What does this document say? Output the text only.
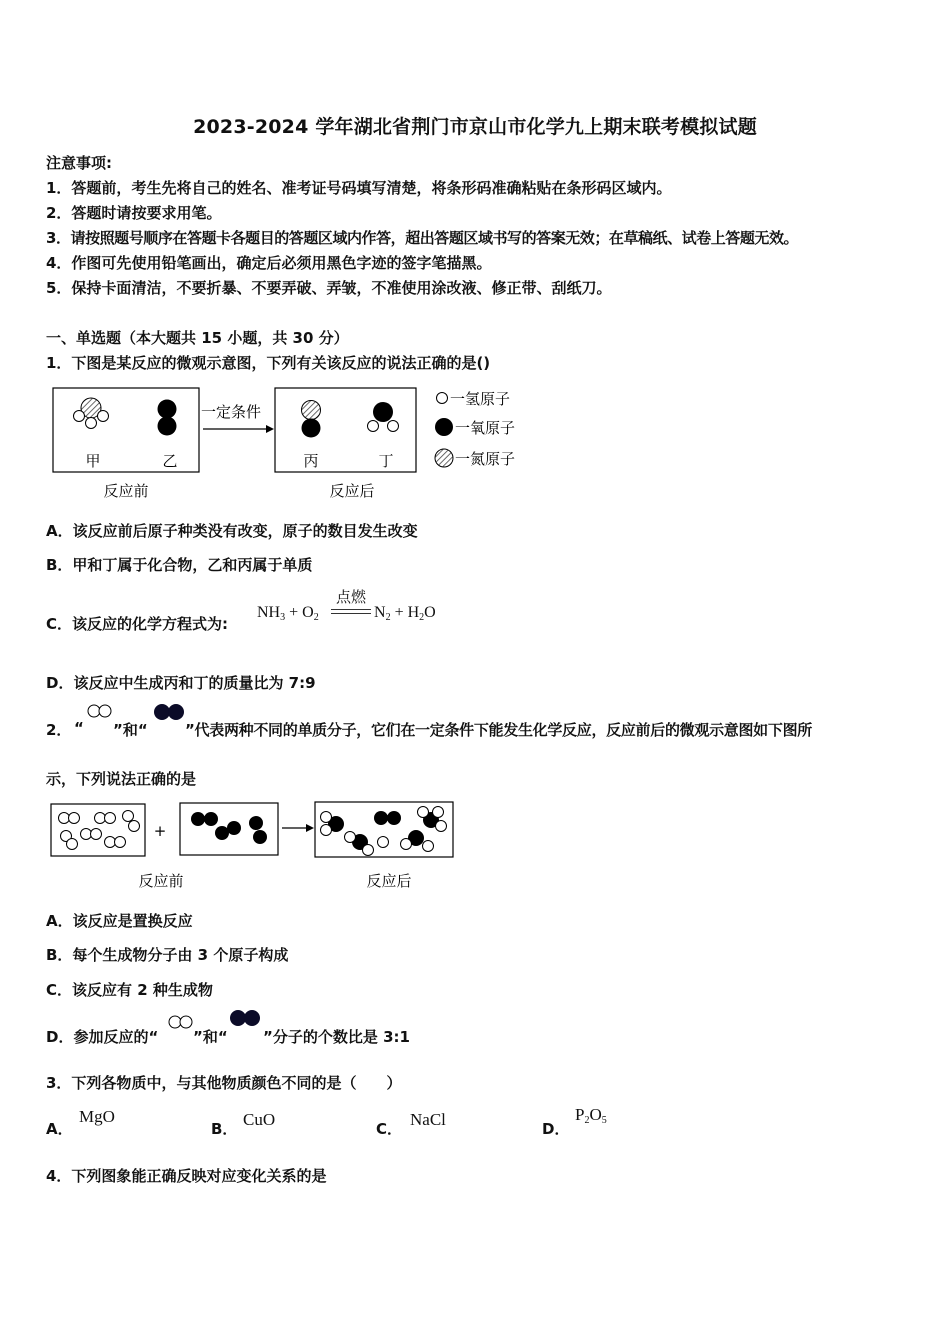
2023-2024 学年湖北省荆门市京山市化学九上期末联考模拟试题
注意事项:
1．答题前，考生先将自己的姓名、准考证号码填写清楚，将条形码准确粘贴在条形码区域内。
2．答题时请按要求用笔。
3．请按照题号顺序在答题卡各题目的答题区域内作答，超出答题区域书写的答案无效；在草稿纸、试卷上答题无效。
4．作图可先使用铅笔画出，确定后必须用黑色字迹的签字笔描黑。
5．保持卡面清洁，不要折暴、不要弄破、弄皱，不准使用涂改液、修正带、刮纸刀。
一、单选题（本大题共 15 小题，共 30 分）
1．下图是某反应的微观示意图，下列有关该反应的说法正确的是()
甲	乙
一定条件
丙	丁
一氢原子
一氧原子
一氮原子
反应前	反应后
A．该反应前后原子种类没有改变，原子的数目发生改变
B．甲和丁属于化合物，乙和丙属于单质
C．该反应的化学方程式为:
$NH_3 + O_2$
点燃
$N_2 + H_2O$
D．该反应中生成丙和丁的质量比为 7:9
2． “ ”和“ ”代表两种不同的单质分子，它们在一定条件下能发生化学反应，反应前后的微观示意图如下图所
示，下列说法正确的是
+
反应前	反应后
A．该反应是置换反应
B．每个生成物分子由 3 个原子构成
C．该反应有 2 种生成物
D．参加反应的“ ”和“ ”分子的个数比是 3:1
3．下列各物质中，与其他物质颜色不同的是（　　）
A．
MgO
B． CuO	C． NaCl	D．
$P_2O_5$
4．下列图象能正确反映对应变化关系的是
